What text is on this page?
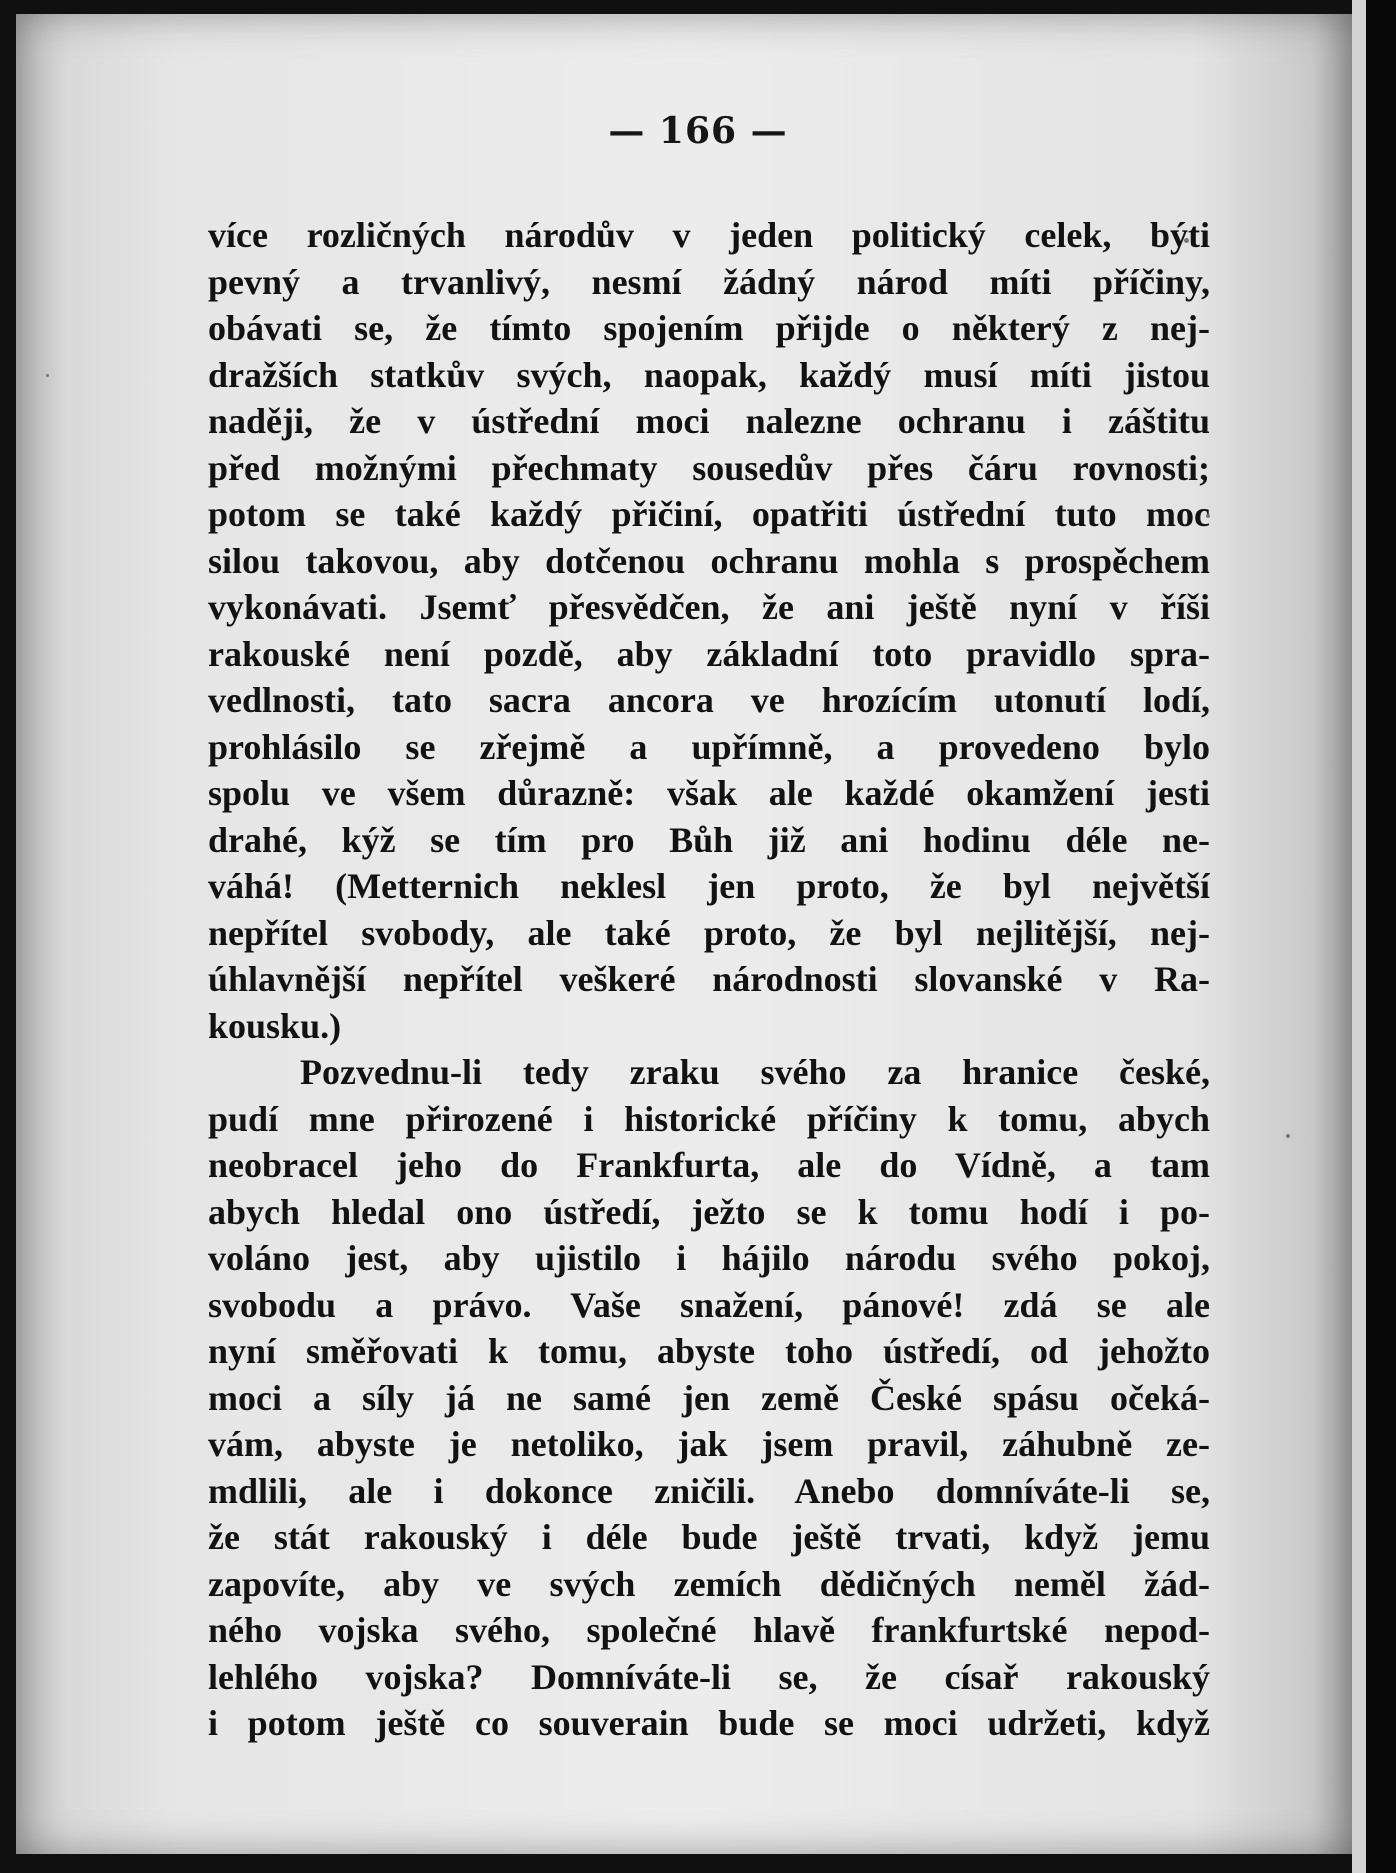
— 166 —
více rozličných národův v jeden politický celek, býti
pevný a trvanlivý, nesmí žádný národ míti příčiny,
obávati se, že tímto spojením přijde o některý z nej-
dražších statkův svých, naopak, každý musí míti jistou
naději, že v ústřední moci nalezne ochranu i záštitu
před možnými přechmaty sousedův přes čáru rovnosti;
potom se také každý přičiní, opatřiti ústřední tuto moc
silou takovou, aby dotčenou ochranu mohla s prospěchem
vykonávati. Jsemť přesvědčen, že ani ještě nyní v říši
rakouské není pozdě, aby základní toto pravidlo spra-
vedlnosti, tato sacra ancora ve hrozícím utonutí lodí,
prohlásilo se zřejmě a upřímně, a provedeno bylo
spolu ve všem důrazně: však ale každé okamžení jesti
drahé, kýž se tím pro Bůh již ani hodinu déle ne-
váhá! (Metternich neklesl jen proto, že byl největší
nepřítel svobody, ale také proto, že byl nejlitější, nej-
úhlavnější nepřítel veškeré národnosti slovanské v Ra-
kousku.)
Pozvednu-li tedy zraku svého za hranice české,
pudí mne přirozené i historické příčiny k tomu, abych
neobracel jeho do Frankfurta, ale do Vídně, a tam
abych hledal ono ústředí, ježto se k tomu hodí i po-
voláno jest, aby ujistilo i hájilo národu svého pokoj,
svobodu a právo. Vaše snažení, pánové! zdá se ale
nyní směřovati k tomu, abyste toho ústředí, od jehožto
moci a síly já ne samé jen země České spásu očeká-
vám, abyste je netoliko, jak jsem pravil, záhubně ze-
mdlili, ale i dokonce zničili. Anebo domníváte-li se,
že stát rakouský i déle bude ještě trvati, když jemu
zapovíte, aby ve svých zemích dědičných neměl žád-
ného vojska svého, společné hlavě frankfurtské nepod-
lehlého vojska? Domníváte-li se, že císař rakouský
i potom ještě co souverain bude se moci udržeti, když
